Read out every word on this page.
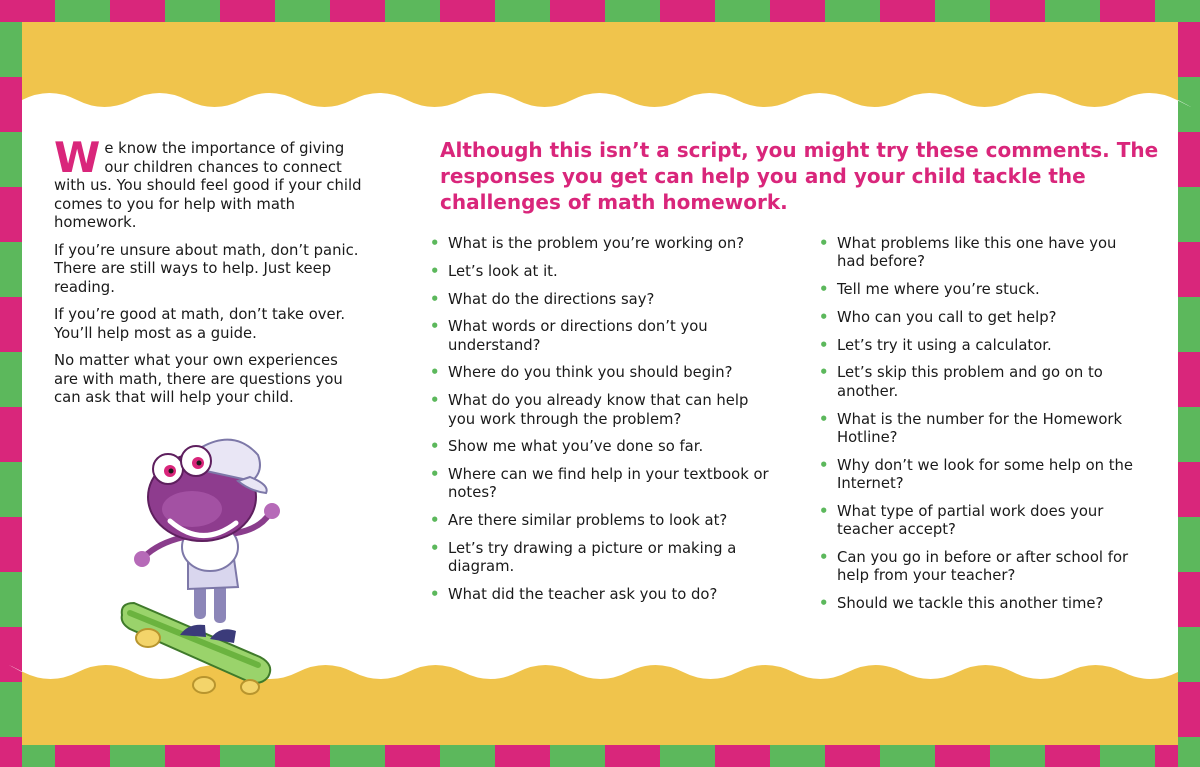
We know the importance of giving our children chances to connect with us. You should feel good if your child comes to you for help with math homework.

If you’re unsure about math, don’t panic. There are still ways to help. Just keep reading.

If you’re good at math, don’t take over. You’ll help most as a guide.

No matter what your own experiences are with math, there are questions you can ask that will help your child.

Although this isn’t a script, you might try these comments. The responses you get can help you and your child tackle the challenges of math homework.
• What is the problem you’re working on?
• Let’s look at it.
• What do the directions say?
• What words or directions don’t you understand?
• Where do you think you should begin?
• What do you already know that can help you work through the problem?
• Show me what you’ve done so far.
• Where can we find help in your textbook or notes?
• Are there similar problems to look at?
• Let’s try drawing a picture or making a diagram.
• What did the teacher ask you to do?
• What problems like this one have you had before?
• Tell me where you’re stuck.
• Who can you call to get help?
• Let’s try it using a calculator.
• Let’s skip this problem and go on to another.
• What is the number for the Homework Hotline?
• Why don’t we look for some help on the Internet?
• What type of partial work does your teacher accept?
• Can you go in before or after school for help from your teacher?
• Should we tackle this another time?
